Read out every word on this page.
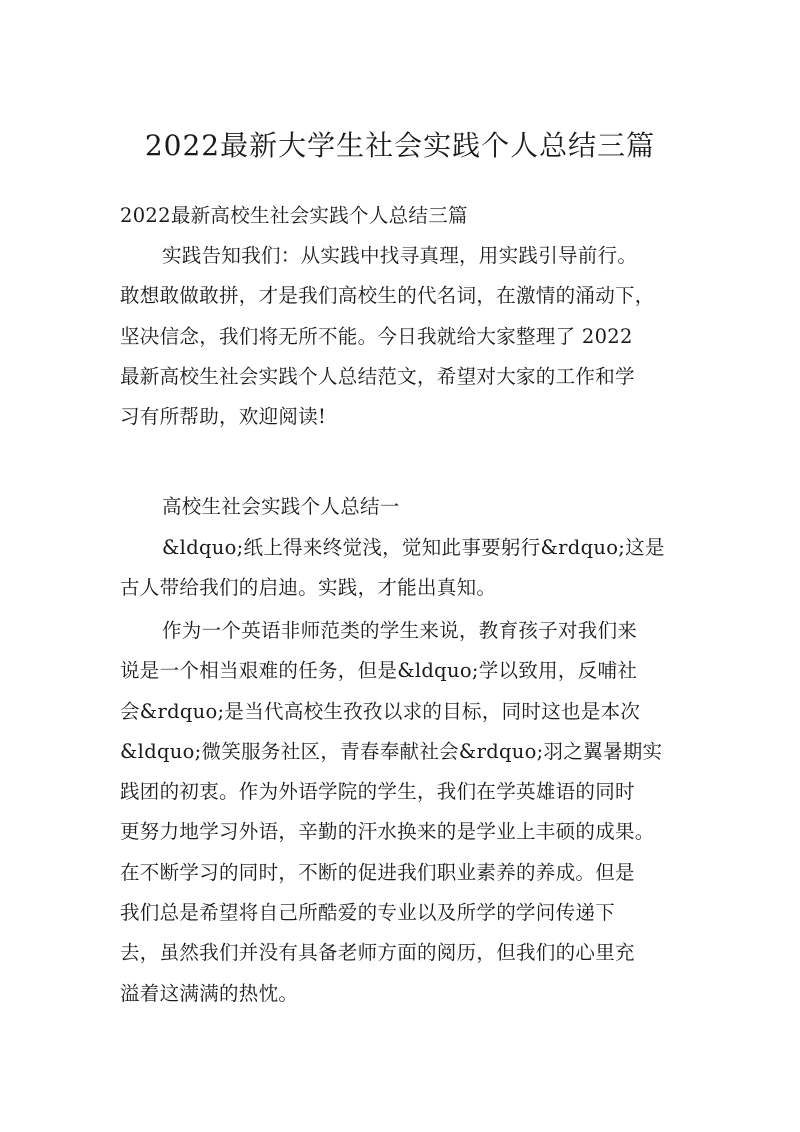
2022最新大学生社会实践个人总结三篇
2022最新高校生社会实践个人总结三篇
实践告知我们：从实践中找寻真理，用实践引导前行。
敢想敢做敢拼，才是我们高校生的代名词，在激情的涌动下，
坚决信念，我们将无所不能。今日我就给大家整理了 2022
最新高校生社会实践个人总结范文，希望对大家的工作和学
习有所帮助，欢迎阅读!
高校生社会实践个人总结一
&ldquo;纸上得来终觉浅，觉知此事要躬行&rdquo;这是
古人带给我们的启迪。实践，才能出真知。
作为一个英语非师范类的学生来说，教育孩子对我们来
说是一个相当艰难的任务，但是&ldquo;学以致用，反哺社
会&rdquo;是当代高校生孜孜以求的目标，同时这也是本次
&ldquo;微笑服务社区，青春奉献社会&rdquo;羽之翼暑期实
践团的初衷。作为外语学院的学生，我们在学英雄语的同时
更努力地学习外语，辛勤的汗水换来的是学业上丰硕的成果。
在不断学习的同时，不断的促进我们职业素养的养成。但是
我们总是希望将自己所酷爱的专业以及所学的学问传递下
去，虽然我们并没有具备老师方面的阅历，但我们的心里充
溢着这满满的热忱。
